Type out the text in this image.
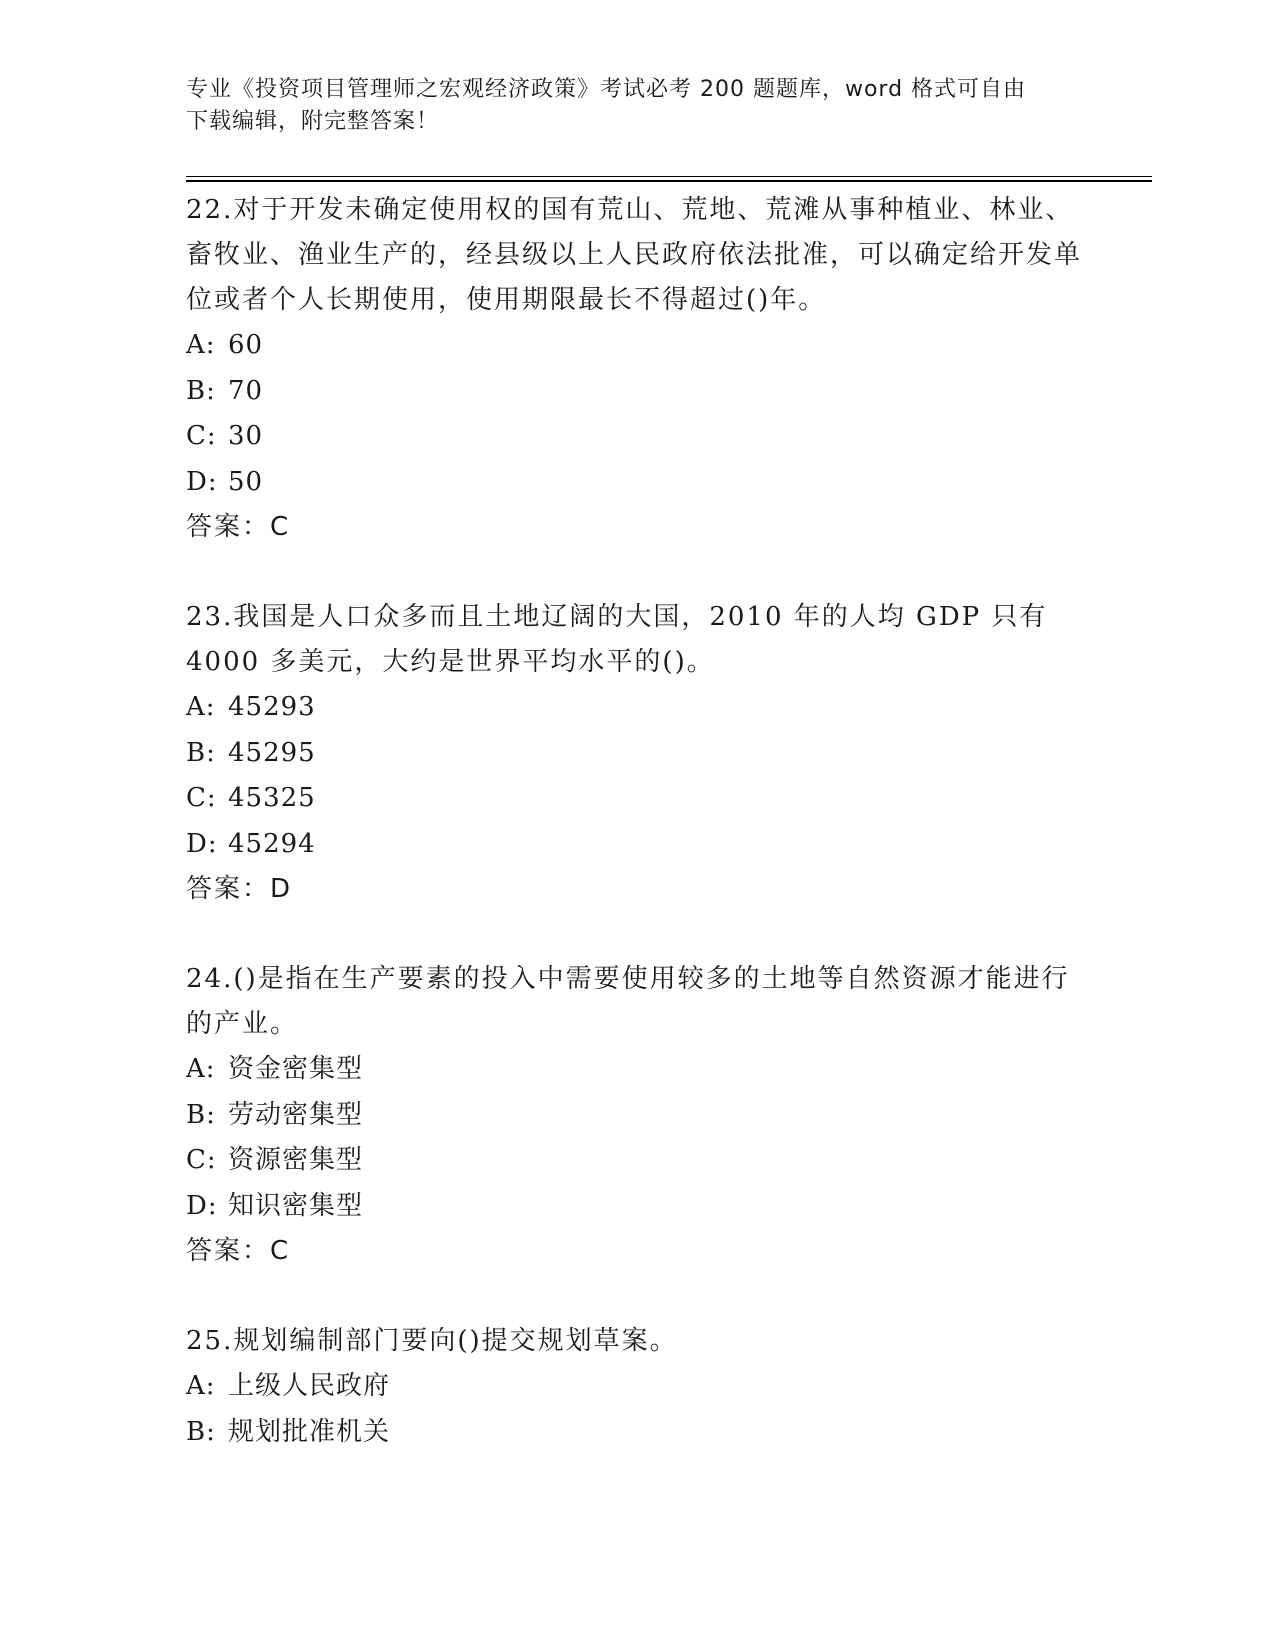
专业《投资项目管理师之宏观经济政策》考试必考 200 题题库，word 格式可自由
下载编辑，附完整答案！
22.对于开发未确定使用权的国有荒山、荒地、荒滩从事种植业、林业、畜牧业、渔业生产的，经县级以上人民政府依法批准，可以确定给开发单位或者个人长期使用，使用期限最长不得超过()年。
A: 60
B: 70
C: 30
D: 50
答案：C
23.我国是人口众多而且土地辽阔的大国，2010 年的人均 GDP 只有 4000 多美元，大约是世界平均水平的()。
A: 45293
B: 45295
C: 45325
D: 45294
答案：D
24.()是指在生产要素的投入中需要使用较多的土地等自然资源才能进行的产业。
A: 资金密集型
B: 劳动密集型
C: 资源密集型
D: 知识密集型
答案：C
25.规划编制部门要向()提交规划草案。
A: 上级人民政府
B: 规划批准机关
